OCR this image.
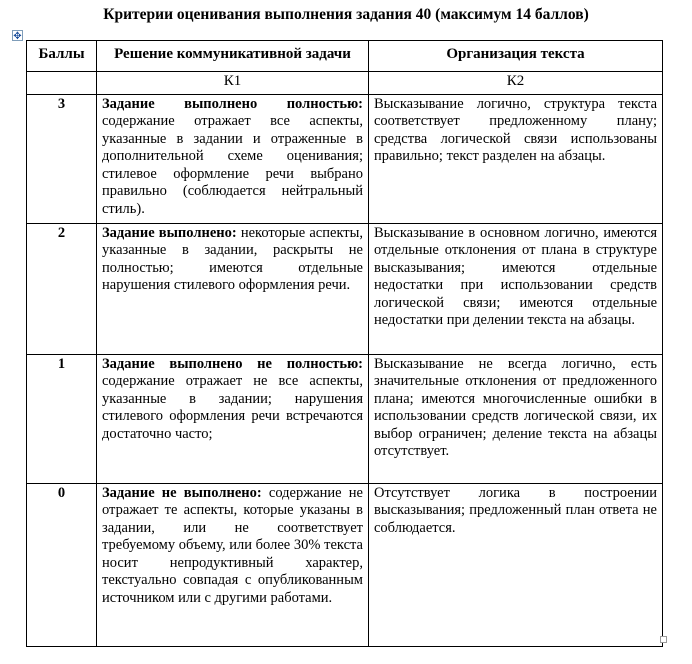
Критерии оценивания выполнения задания 40 (максимум 14 баллов)
✥
Баллы	Решение коммуникативной задачи	Организация текста
	К1	К2
3	Задание выполнено полностью: содержание отражает все аспекты, указанные в задании и отраженные в дополнительной схеме оценивания; стилевое оформление речи выбрано правильно (соблюдается нейтральный стиль).	Высказывание логично, структура текста соответствует предложенному плану; средства логической связи использованы правильно; текст разделен на абзацы.
2	Задание выполнено: некоторые аспекты, указанные в задании, раскрыты не полностью; имеются отдельные нарушения стилевого оформления речи.	Высказывание в основном логично, имеются отдельные отклонения от плана в структуре высказывания; имеются отдельные недостатки при использовании средств логической связи; имеются отдельные недостатки при делении текста на абзацы.
1	Задание выполнено не полностью: содержание отражает не все аспекты, указанные в задании; нарушения стилевого оформления речи встречаются достаточно часто;	Высказывание не всегда логично, есть значительные отклонения от предложенного плана; имеются многочисленные ошибки в использовании средств логической связи, их выбор ограничен; деление текста на абзацы отсутствует.
0	Задание не выполнено: содержание не отражает те аспекты, которые указаны в задании, или не соответствует требуемому объему, или более 30% текста носит непродуктивный характер, текстуально совпадая с опубликованным источником или с другими работами.	Отсутствует логика в построении высказывания; предложенный план ответа не соблюдается.
